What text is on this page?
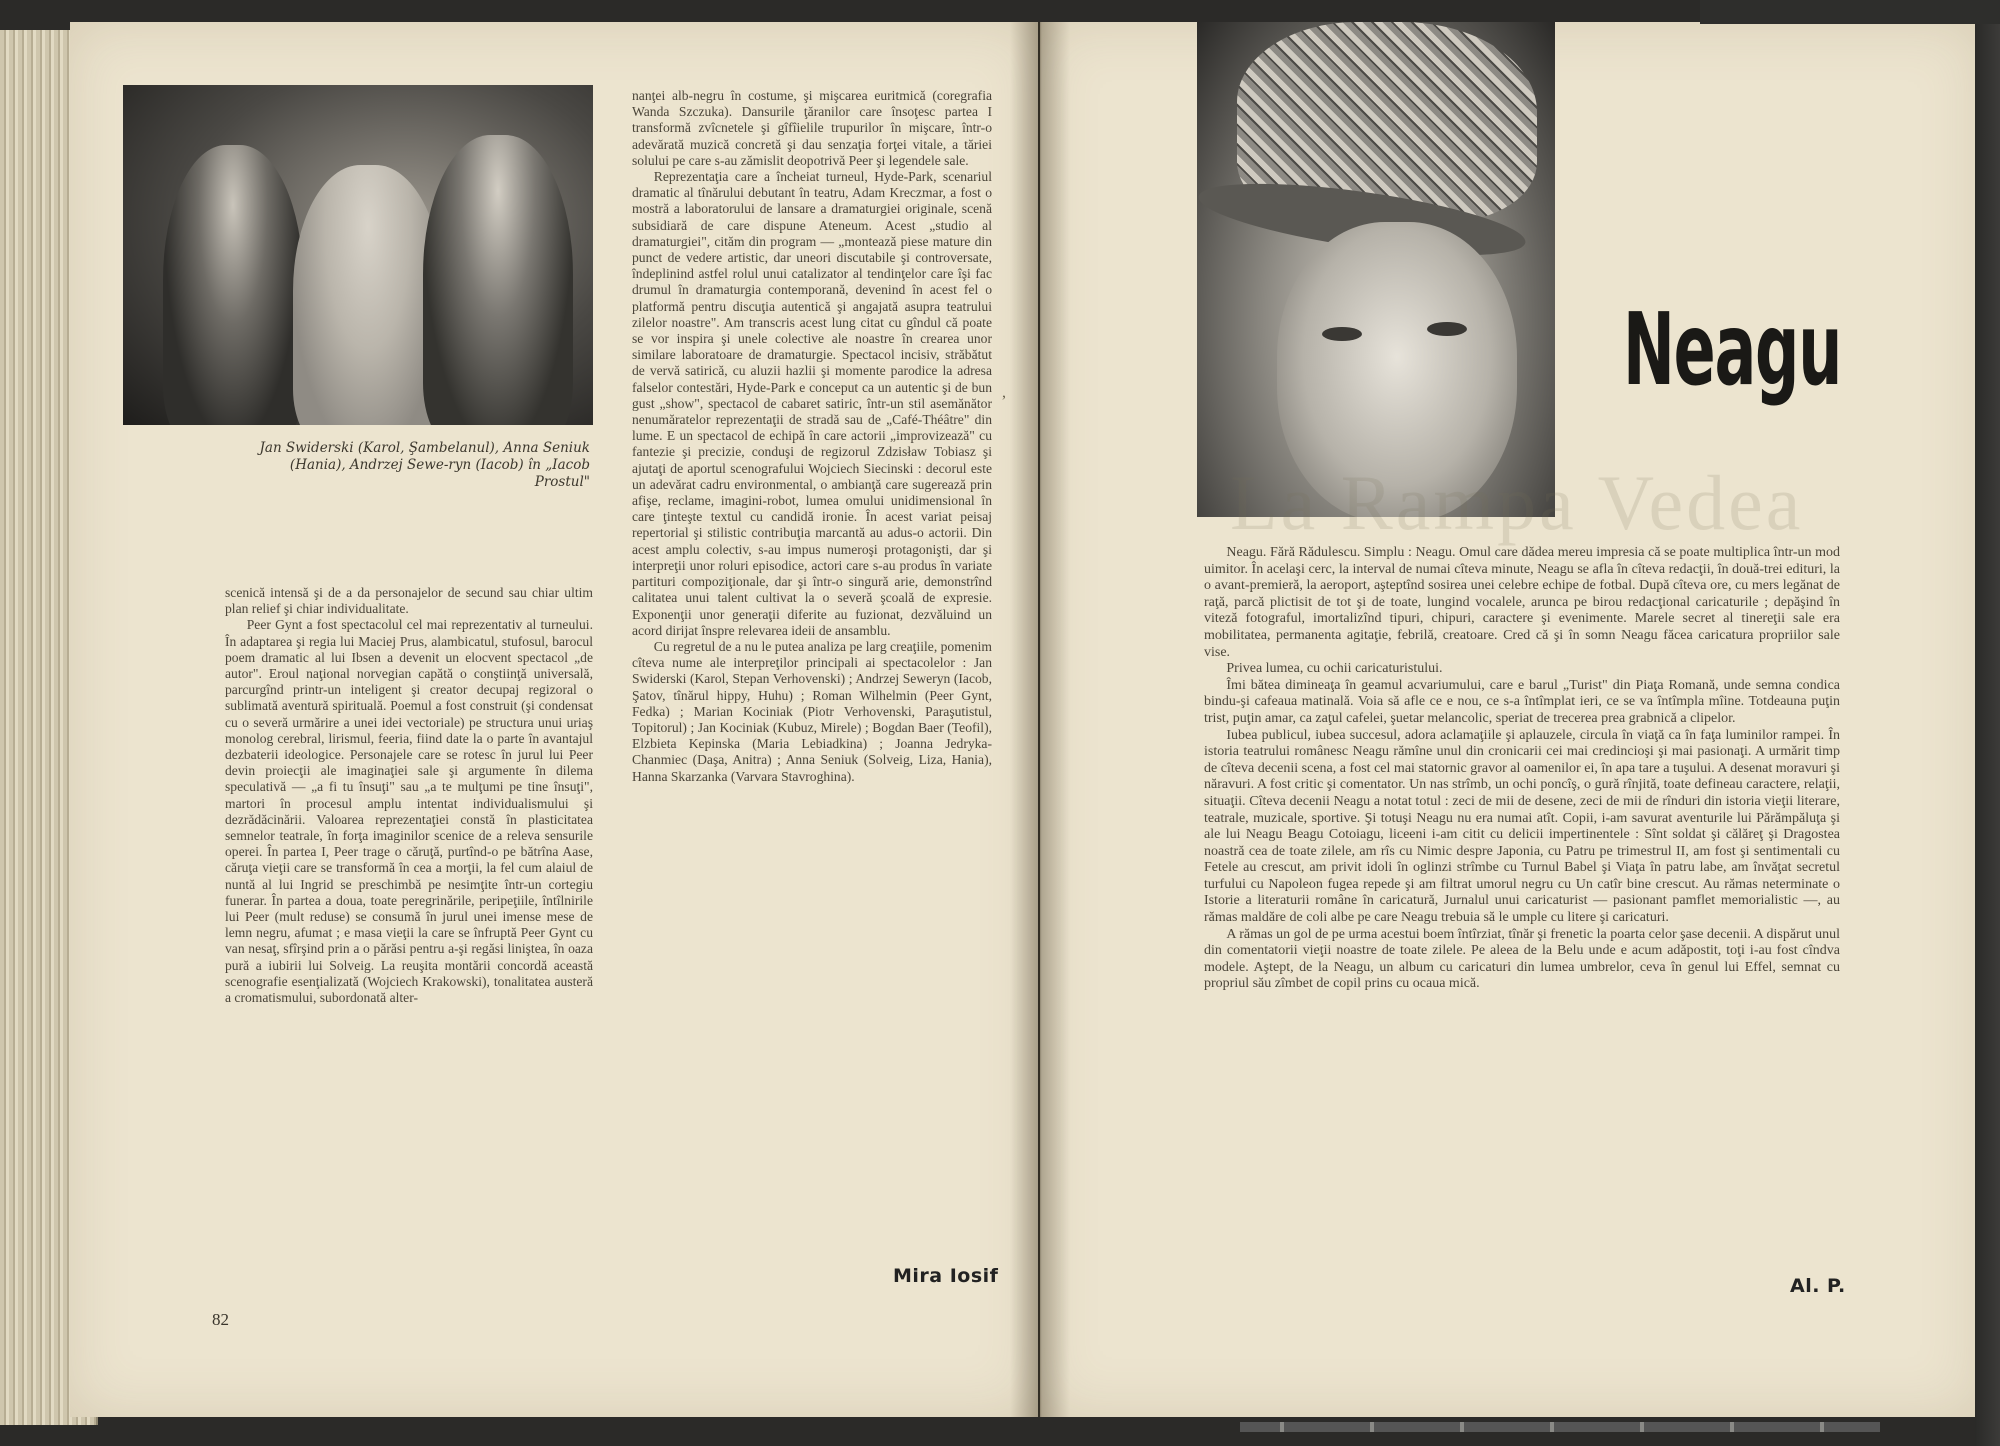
Jan Swiderski (Karol, Şambelanul), Anna Seniuk (Hania), Andrzej Sewe-ryn (Iacob) în „Iacob Prostul"

scenică intensă şi de a da personajelor de secund sau chiar ultim plan relief şi chiar individualitate.

Peer Gynt a fost spectacolul cel mai reprezentativ al turneului. În adaptarea şi regia lui Maciej Prus, alambicatul, stufosul, barocul poem dramatic al lui Ibsen a devenit un elocvent spectacol „de autor". Eroul naţional norvegian capătă o conştiinţă universală, parcurgînd printr-un inteligent şi creator decupaj regizoral o sublimată aventură spirituală. Poemul a fost construit (şi condensat cu o severă urmărire a unei idei vectoriale) pe structura unui uriaş monolog cerebral, lirismul, feeria, fiind date la o parte în avantajul dezbaterii ideologice. Personajele care se rotesc în jurul lui Peer devin proiecţii ale imaginaţiei sale şi argumente în dilema speculativă — „a fi tu însuţi" sau „a te mulţumi pe tine însuţi", martori în procesul amplu intentat individualismului şi dezrădăcinării. Valoarea reprezentaţiei constă în plasticitatea semnelor teatrale, în forţa imaginilor scenice de a releva sensurile operei. În partea I, Peer trage o căruţă, purtînd-o pe bătrîna Aase, căruţa vieţii care se transformă în cea a morţii, la fel cum alaiul de nuntă al lui Ingrid se preschimbă pe nesimţite într-un cortegiu funerar. În partea a doua, toate peregrinările, peripeţiile, întîlnirile lui Peer (mult reduse) se consumă în jurul unei imense mese de lemn negru, afumat ; e masa vieţii la care se înfruptă Peer Gynt cu van nesaţ, sfîrşind prin a o părăsi pentru a-şi regăsi liniştea, în oaza pură a iubirii lui Solveig. La reuşita montării concordă această scenografie esenţializată (Wojciech Krakowski), tonalitatea austeră a cromatismului, subordonată alter-

nanţei alb-negru în costume, şi mişcarea euritmică (coregrafia Wanda Szczuka). Dansurile ţăranilor care însoţesc partea I transformă zvîcnetele şi gîfîielile trupurilor în mişcare, într-o adevărată muzică concretă şi dau senzaţia forţei vitale, a tăriei solului pe care s-au zămislit deopotrivă Peer şi legendele sale.

Reprezentaţia care a încheiat turneul, Hyde-Park, scenariul dramatic al tînărului debutant în teatru, Adam Kreczmar, a fost o mostră a laboratorului de lansare a dramaturgiei originale, scenă subsidiară de care dispune Ateneum. Acest „studio al dramaturgiei", cităm din program — „montează piese mature din punct de vedere artistic, dar uneori discutabile şi controversate, îndeplinind astfel rolul unui catalizator al tendinţelor care îşi fac drumul în dramaturgia contemporană, devenind în acest fel o platformă pentru discuţia autentică şi angajată asupra teatrului zilelor noastre". Am transcris acest lung citat cu gîndul că poate se vor inspira şi unele colective ale noastre în crearea unor similare laboratoare de dramaturgie. Spectacol incisiv, străbătut de vervă satirică, cu aluzii hazlii şi momente parodice la adresa falselor contestări, Hyde-Park e conceput ca un autentic şi de bun gust „show", spectacol de cabaret satiric, într-un stil asemănător nenumăratelor reprezentaţii de stradă sau de „Café-Théâtre" din lume. E un spectacol de echipă în care actorii „improvizează" cu fantezie şi precizie, conduşi de regizorul Zdzisław Tobiasz şi ajutaţi de aportul scenografului Wojciech Siecinski : decorul este un adevărat cadru environmental, o ambianţă care sugerează prin afişe, reclame, imagini-robot, lumea omului unidimensional în care ţinteşte textul cu candidă ironie. În acest variat peisaj repertorial şi stilistic contribuţia marcantă au adus-o actorii. Din acest amplu colectiv, s-au impus numeroşi protagonişti, dar şi interpreţii unor roluri episodice, actori care s-au produs în variate partituri compoziţionale, dar şi într-o singură arie, demonstrînd calitatea unui talent cultivat la o severă şcoală de expresie. Exponenţii unor generaţii diferite au fuzionat, dezvăluind un acord dirijat înspre relevarea ideii de ansamblu.

Cu regretul de a nu le putea analiza pe larg creaţiile, pomenim cîteva nume ale interpreţilor principali ai spectacolelor : Jan Swiderski (Karol, Stepan Verhovenski) ; Andrzej Seweryn (Iacob, Şatov, tînărul hippy, Huhu) ; Roman Wilhelmin (Peer Gynt, Fedka) ; Marian Kociniak (Piotr Verhovenski, Paraşutistul, Topitorul) ; Jan Kociniak (Kubuz, Mirele) ; Bogdan Baer (Teofil), Elzbieta Kepinska (Maria Lebiadkina) ; Joanna Jedryka-Chanmiec (Daşa, Anitra) ; Anna Seniuk (Solveig, Liza, Hania), Hanna Skarzanka (Varvara Stavroghina).

Mira Iosif
82
,
La Rampa Vedea
Neagu

Neagu. Fără Rădulescu. Simplu : Neagu. Omul care dădea mereu impresia că se poate multiplica într-un mod uimitor. În acelaşi cerc, la interval de numai cîteva minute, Neagu se afla în cîteva redacţii, în două-trei edituri, la o avant-premieră, la aeroport, aşteptînd sosirea unei celebre echipe de fotbal. După cîteva ore, cu mers legănat de raţă, parcă plictisit de tot şi de toate, lungind vocalele, arunca pe birou redacţional caricaturile ; depăşind în viteză fotograful, imortalizînd tipuri, chipuri, caractere şi evenimente. Marele secret al tinereţii sale era mobilitatea, permanenta agitaţie, febrilă, creatoare. Cred că şi în somn Neagu făcea caricatura propriilor sale vise.

Privea lumea, cu ochii caricaturistului.

Îmi bătea dimineaţa în geamul acvariumului, care e barul „Turist" din Piaţa Romană, unde semna condica bindu-şi cafeaua matinală. Voia să afle ce e nou, ce s-a întîmplat ieri, ce se va întîmpla mîine. Totdeauna puţin trist, puţin amar, ca zaţul cafelei, şuetar melancolic, speriat de trecerea prea grabnică a clipelor.

Iubea publicul, iubea succesul, adora aclamaţiile şi aplauzele, circula în viaţă ca în faţa luminilor rampei. În istoria teatrului românesc Neagu rămîne unul din cronicarii cei mai credincioşi şi mai pasionaţi. A urmărit timp de cîteva decenii scena, a fost cel mai statornic gravor al oamenilor ei, în apa tare a tuşului. A desenat moravuri şi năravuri. A fost critic şi comentator. Un nas strîmb, un ochi poncîş, o gură rînjită, toate defineau caractere, relaţii, situaţii. Cîteva decenii Neagu a notat totul : zeci de mii de desene, zeci de mii de rînduri din istoria vieţii literare, teatrale, muzicale, sportive. Şi totuşi Neagu nu era numai atît. Copii, i-am savurat aventurile lui Părămpăluţa şi ale lui Neagu Beagu Cotoiagu, liceeni i-am citit cu delicii impertinentele : Sînt soldat şi călăreţ şi Dragostea noastră cea de toate zilele, am rîs cu Nimic despre Japonia, cu Patru pe trimestrul II, am fost şi sentimentali cu Fetele au crescut, am privit idoli în oglinzi strîmbe cu Turnul Babel şi Viaţa în patru labe, am învăţat secretul turfului cu Napoleon fugea repede şi am filtrat umorul negru cu Un catîr bine crescut. Au rămas neterminate o Istorie a literaturii române în caricatură, Jurnalul unui caricaturist — pasionant pamflet memorialistic —, au rămas maldăre de coli albe pe care Neagu trebuia să le umple cu litere şi caricaturi.

A rămas un gol de pe urma acestui boem întîrziat, tînăr şi frenetic la poarta celor şase decenii. A dispărut unul din comentatorii vieţii noastre de toate zilele. Pe aleea de la Belu unde e acum adăpostit, toţi i-au fost cîndva modele. Aştept, de la Neagu, un album cu caricaturi din lumea umbrelor, ceva în genul lui Effel, semnat cu propriul său zîmbet de copil prins cu ocaua mică.

Al. P.
